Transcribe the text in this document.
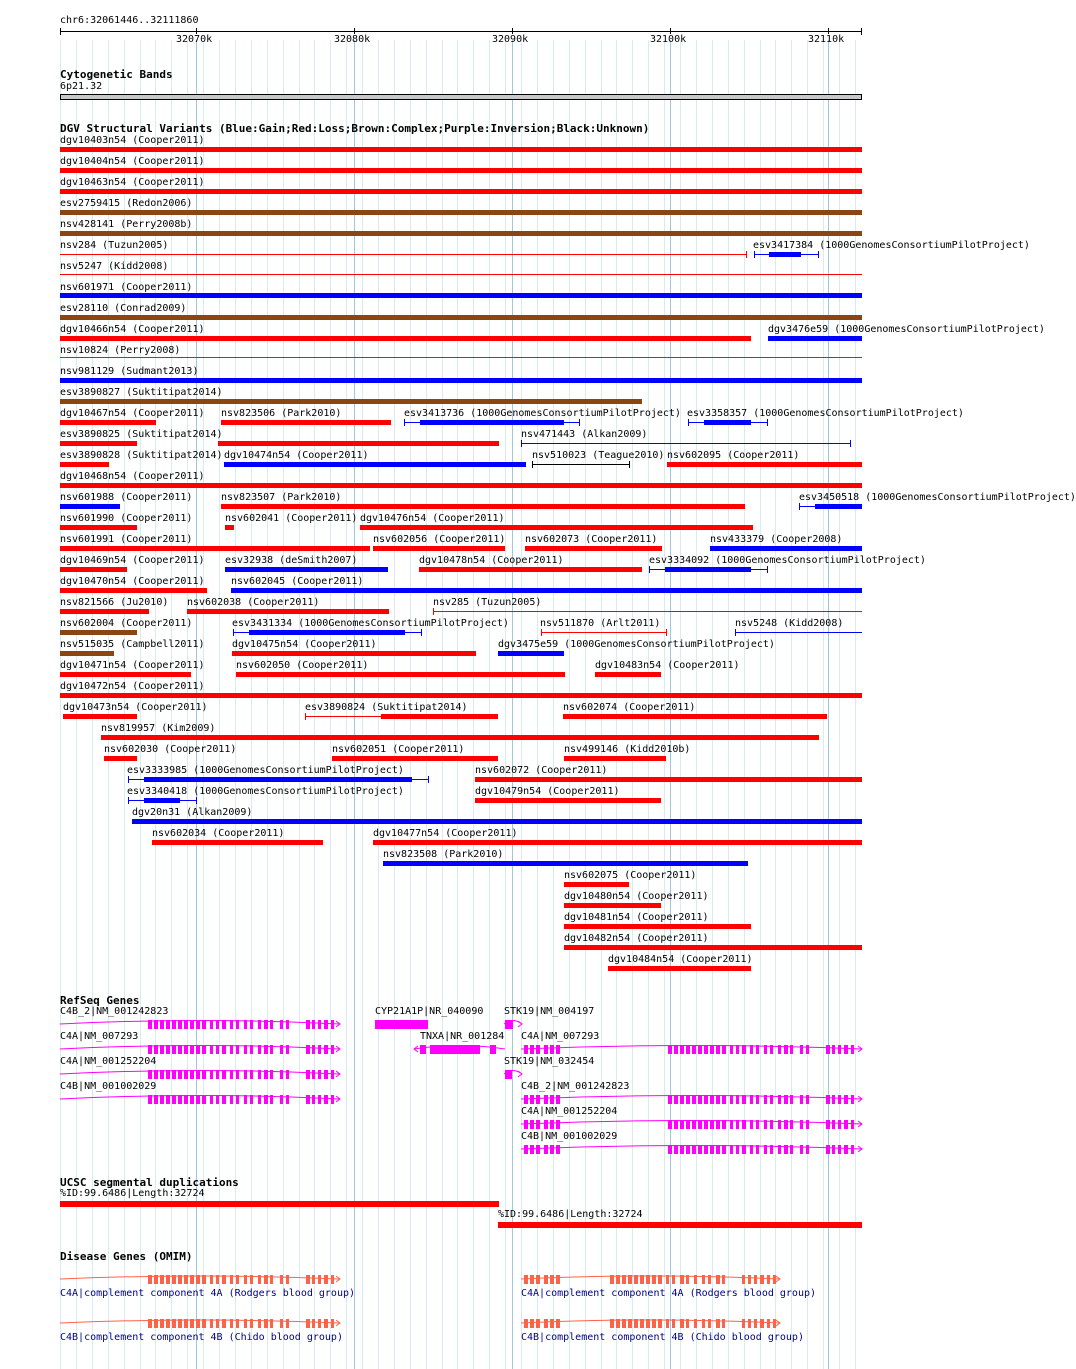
chr6:32061446..32111860
32070k	32080k	32090k	32100k	32110k
Cytogenetic Bands
6p21.32
DGV Structural Variants (Blue:Gain;Red:Loss;Brown:Complex;Purple:Inversion;Black:Unknown)
dgv10403n54 (Cooper2011)
dgv10404n54 (Cooper2011)
dgv10463n54 (Cooper2011)
esv2759415 (Redon2006)
nsv428141 (Perry2008b)
nsv5247 (Kidd2008)
nsv601971 (Cooper2011)
esv28110 (Conrad2009)
dgv10466n54 (Cooper2011)	dgv3476e59 (1000GenomesConsortiumPilotProject)
nsv10824 (Perry2008)
nsv981129 (Sudmant2013)
esv3890827 (Suktitipat2014)
dgv10467n54 (Cooper2011) nsv823506 (Park2010)
esv3890825 (Suktitipat2014)
esv3890828 (Suktitipat2014) dgv10474n54 (Cooper2011)	nsv602095 (Cooper2011)
dgv10468n54 (Cooper2011)
nsv601988 (Cooper2011)	nsv823507 (Park2010)
nsv601990 (Cooper2011)	nsv602041 (Cooper2011) dgv10476n54 (Cooper2011)
nsv601991 (Cooper2011)	nsv602056 (Cooper2011) nsv602073 (Cooper2011)	nsv433379 (Cooper2008)
dgv10469n54 (Cooper2011) esv32938 (deSmith2007)	dgv10478n54 (Cooper2011)
dgv10470n54 (Cooper2011)	nsv602045 (Cooper2011)
nsv821566 (Ju2010) nsv602038 (Cooper2011)
nsv602004 (Cooper2011)
nsv515035 (Campbell2011)	dgv10475n54 (Cooper2011)	dgv3475e59 (1000GenomesConsortiumPilotProject)
dgv10471n54 (Cooper2011)	nsv602050 (Cooper2011)	dgv10483n54 (Cooper2011)
dgv10472n54 (Cooper2011)
dgv10473n54 (Cooper2011)	nsv602074 (Cooper2011)
nsv819957 (Kim2009)
nsv602030 (Cooper2011)	nsv602051 (Cooper2011)	nsv499146 (Kidd2010b)
nsv602072 (Cooper2011)
dgv10479n54 (Cooper2011)
dgv20n31 (Alkan2009)
nsv602034 (Cooper2011)	dgv10477n54 (Cooper2011)
nsv823508 (Park2010)
nsv602075 (Cooper2011)
dgv10480n54 (Cooper2011)
dgv10481n54 (Cooper2011)
dgv10482n54 (Cooper2011)
dgv10484n54 (Cooper2011)
nsv284 (Tuzun2005)	esv3417384 (1000GenomesConsortiumPilotProject)
esv3413736 (1000GenomesConsortiumPilotProject) esv3358357 (1000GenomesConsortiumPilotProject)
nsv471443 (Alkan2009)
nsv510023 (Teague2010)
esv3450518 (1000GenomesConsortiumPilotProject)
esv3334092 (1000GenomesConsortiumPilotProject)
nsv285 (Tuzun2005)
esv3431334 (1000GenomesConsortiumPilotProject)	nsv511870 (Arlt2011)	nsv5248 (Kidd2008)
esv3890824 (Suktitipat2014)
esv3333985 (1000GenomesConsortiumPilotProject)
esv3340418 (1000GenomesConsortiumPilotProject)
RefSeq Genes
C4B_2|NM_001242823	CYP21A1P|NR_040090 STK19|NM_004197
C4A|NM_007293	TNXA|NR_001284 C4A|NM_007293
C4A|NM_001252204	STK19|NM_032454
C4B|NM_001002029	C4B_2|NM_001242823
C4A|NM_001252204
C4B|NM_001002029
UCSC segmental duplications
%ID:99.6486|Length:32724
%ID:99.6486|Length:32724
Disease Genes (OMIM)
C4A|complement component 4A (Rodgers blood group)	C4A|complement component 4A (Rodgers blood group)
C4B|complement component 4B (Chido blood group)	C4B|complement component 4B (Chido blood group)
